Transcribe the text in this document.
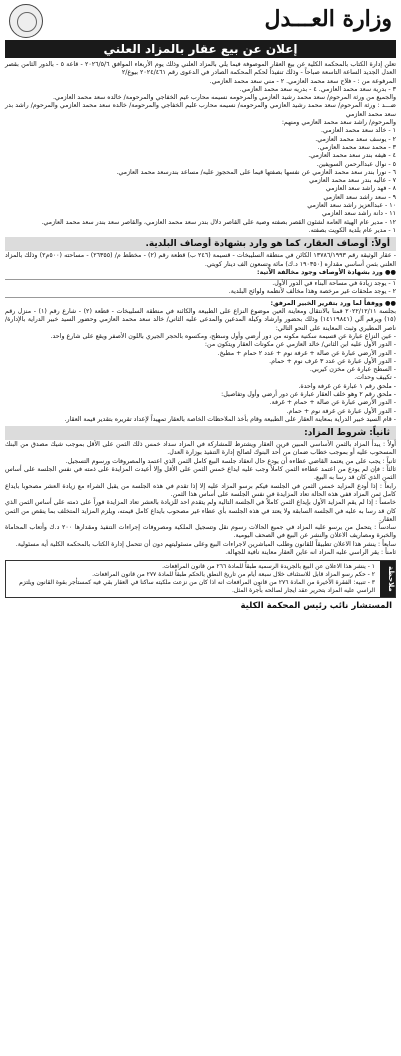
وزارة العـــدل
إعلان عن بيع عقار بالمزاد العلني

تعلن إدارة الكتاب بالمحكمة الكلية عن بيع العقار الموصوفة فيما يلي بالمزاد العلني وذلك يوم الأربعاء الموافق ٢٠٢٦/٥/٦ - قاعة ٥ - بالدور الثامن بقصر العدل الجديد الساعة التاسعة صباحاً - وذلك تنفيذاً لحكم المحكمة الصادر في الدعوى رقم ٢٠٢٤/٤٦١ بيوع/٢

المرفوعة من : - فلاح سعد محمد العازمي. ٢ - مني سعد محمد العازمي.

٣ - بدرية سعد محمد العازمي. ٤ - بدريه سعد محمد العازمي.

والجميع من ورثة المرحوم/ سعد محمد رشيد العازمي والمرحومه نسيمه محارب غيم الخفاجي والمرحومة/ خالده سعد محمد العازمي.

ضـــد : ورثة المرحوم/ سعد محمد رشيد العازمي والمرحومه/ نسيمه محارب غليم الخفاجي والمرحومة/ خالده سعد محمد العازمي والمرحوم/ راشد بدر سعد محمد العازمي

والمرحوم/ راشد سعد محمد العازمي ومنهم:

١ - خالد سعد محمد العازمي.

٢ - يوسف سعد محمد العازمي.

٣ - محمد سعد محمد العازمي.

٤ - هيفه بندر سعد محمد العازمي.

٥ - نوال عبدالرحمن السويفين.

٦ - نورا بندر سعد محمد العازمي عن نفسها بصفتها قيما على المحجوز عليه/ مساعد بندرسعد محمد العازمي.

٧ - عاليه بندر سعد محمد العازمي

٨ - فهد راشد سعد العازمي

٩ - سعد راشد سعد العازمي

١٠ - عبدالعزيز راشد سعد العازمي

١١ - دانة راشد سعد العازمي

١٢ - مدير عام الهيئة العامة لشئون القصر بصفته وصية على القاصر دلال بندر سعد محمد العازمي، والقاصر سعد بندر سعد محمد العازمي.

١ - مدير عام بلدية الكويت بصفته.

أولاً: أوصاف العقار، كما هو وارد بشهادة أوصاف البلدية.

- عقار الوثيقة رقم ١٣٧٨٦/١٩٩٣ الكائن في منطقة السليبخات - قسيمة (٢٤٦ ب) قطعة رقم (٢) - مخطط م/ (٢٦٣٥٥) - مساحته (٥٠٠م٢) وذلك بالمزاد العلني بثمن أساسي مقداره (١٩٠٣٥٠ د.ك) مائة وتسعون الف دينار كويتي.

●● ورد بشهادة الأوصاف وجود مخالفة الآتية:

١ - يوجد زيادة في مساحة البناء في الدور الأول.

٢ - يوجد ملحقات غير مرخصة وهذا مخالف لأنظمة ولوائح البلدية.

●● ووفقاً لما ورد بتقرير الخبير المرفق:

بجلسة ٢٠٢٢/١٢/١١ قمنا بالانتقال ومعاينة العين موضوع النزاع على الطبيعة والكائنة في منطقة السليبخات - قطعة (٢) - شارع رقم (١) - منزل رقم (١٥) ويرقم آلي (١٤١١٩٨٤١) وذلك بحضور وارشاد وكيلة المدعين والمدعى عليه الثاني/ خالد سعد محمد العازمي وحضور السيد خبير الدراية بالإدارة/ ناصر المطيري وثبت المعاينة على النحو التالي:

- عين النزاع عبارة عن قسيمة سكنية مكونه من دور أرضي وأول وسطح، ومكسوه بالحجر الجيري باللون الأصفر ويقع على شارع واحد.

- الدور الأول عليه ابن الثاني/ خالد العازمي عن مكونات العقار ويتكون من:

- الدور الأرضي عبارة عن صالة + غرفة نوم + عدد ٢ حمام + مطبخ.

- الدور الأول عبارة عن عدد ٣ غرف نوم + حمام.

- السطح عبارة عن مخزن كيربي.

- تكييف وحدات.

- ملحق رقم ١ عبارة عن غرفة واحدة.

- ملحق رقم ٢ وهو خلف العقار عبارة عن دور أرضي وأول وتفاصيل:

- الدور الأرضي عبارة عن صالة + حمام + غرفة.

- الدور الأول عبارة عن غرفة نوم + حمام.

- قام السيد خبير الدراية بمعاينة العقار على الطبيعة وقام بأخذ الملاحظات الخاصة بالعقار تمهيداً لإعداد تقريره بتقدير قيمة العقار.

ثانياً: شروط المزاد:

أولاً : يبدأ المزاد بالثمن الأساسي المبين قرين العقار ويشترط للمشاركة في المزاد سداد خمس ذلك الثمن على الأقل بموجب شيك مصدق من البنك المسحوب عليه أو بموجب خطاب ضمان من أحد البنوك لصالح إدارة التنفيذ بوزارة العدل.

ثانياً : يجب على من يعتمد القاضي عطاءه أن يودع حال انعقاد جلسة البيع كامل الثمن الذي اعتمد والمصروفات ورسوم التسجيل.

ثالثاً : فإن لم يودع من اعتمد عطاءه الثمن كاملاً وجب عليه ايداع خمس الثمن على الأقل وإلا أعيدت المزايدة على ذمته في نفس الجلسة على أساس الثمن الذي كان قد رسا به البيع.

رابعاً : إذا أودع المزايد خمس الثمن في الجلسة فيكم برسو المزاد عليه إلا إذا تقدم في هذه الجلسة من يقبل الشراء مع زيادة العشر مصحوبا بايداع كامل ثمن المزاد ففي هذه الحالة تعاد المزايدة في نفس الجلسة على أساس هذا الثمن.

خامساً : إذا لم يقم المزايد الأول بإيداع الثمن كاملاً في الجلسة التالية ولم يتقدم احد للزيادة بالعشر تعاد المزايدة فوراً على ذمته على أساس الثمن الذي كان قد رسا به عليه في الجلسة السابقة ولا يعتد في هذه الجلسة بأي عطاء غير مصحوب بايداع كامل قيمته، ويلزم المزايد المتخلف بما ينقص من الثمن العقار.

سادساً : يتحمل من يرسو عليه المزاد في جميع الحالات رسوم نقل وتسجيل الملكية ومصروفات إجراءات التنفيذ ومقدارها ٢٠٠ د.ك وأتعاب المحاماة والخبرة ومصاريف الاعلان والنشر عن البيع في الصحف اليومية.

سابعاً : ينشر هذا الاعلان تطبيقاً للقانون وطلب المباشرين لاجراءات البيع وعلى مسئوليتهم دون أن تتحمل إدارة الكتاب بالمحكمة الكلية أية مسئولية.

ثامناً : يقر الراسي عليه المزاد انه عاين العقار معاينة نافية للجهالة.

ملاحظة

١ - ينشر هذا الاعلان عن البيع بالجريدة الرسمية طبقاً للمادة ٢٦٦ من قانون المرافعات.

٢ - حكم رسو المزاد قابل للاستئناف خلال سبعة أيام من تاريخ النطق بالحكم طبقاً للمادة ٢٧٧ من قانون المرافعات.

٣ - تنبيه: الفقرة الأخيرة من المادة ٢٧٦ من قانون المرافعات انه اذا كان من نزعت ملكيته ساكنا في العقار بقي فيه كمستأجر بقوة القانون ويلتزم الراسي عليه المزاد بتحرير عقد ايجار لصالحه بأجرة المثل.

المستشار نائب رئيس المحكمة الكلية
